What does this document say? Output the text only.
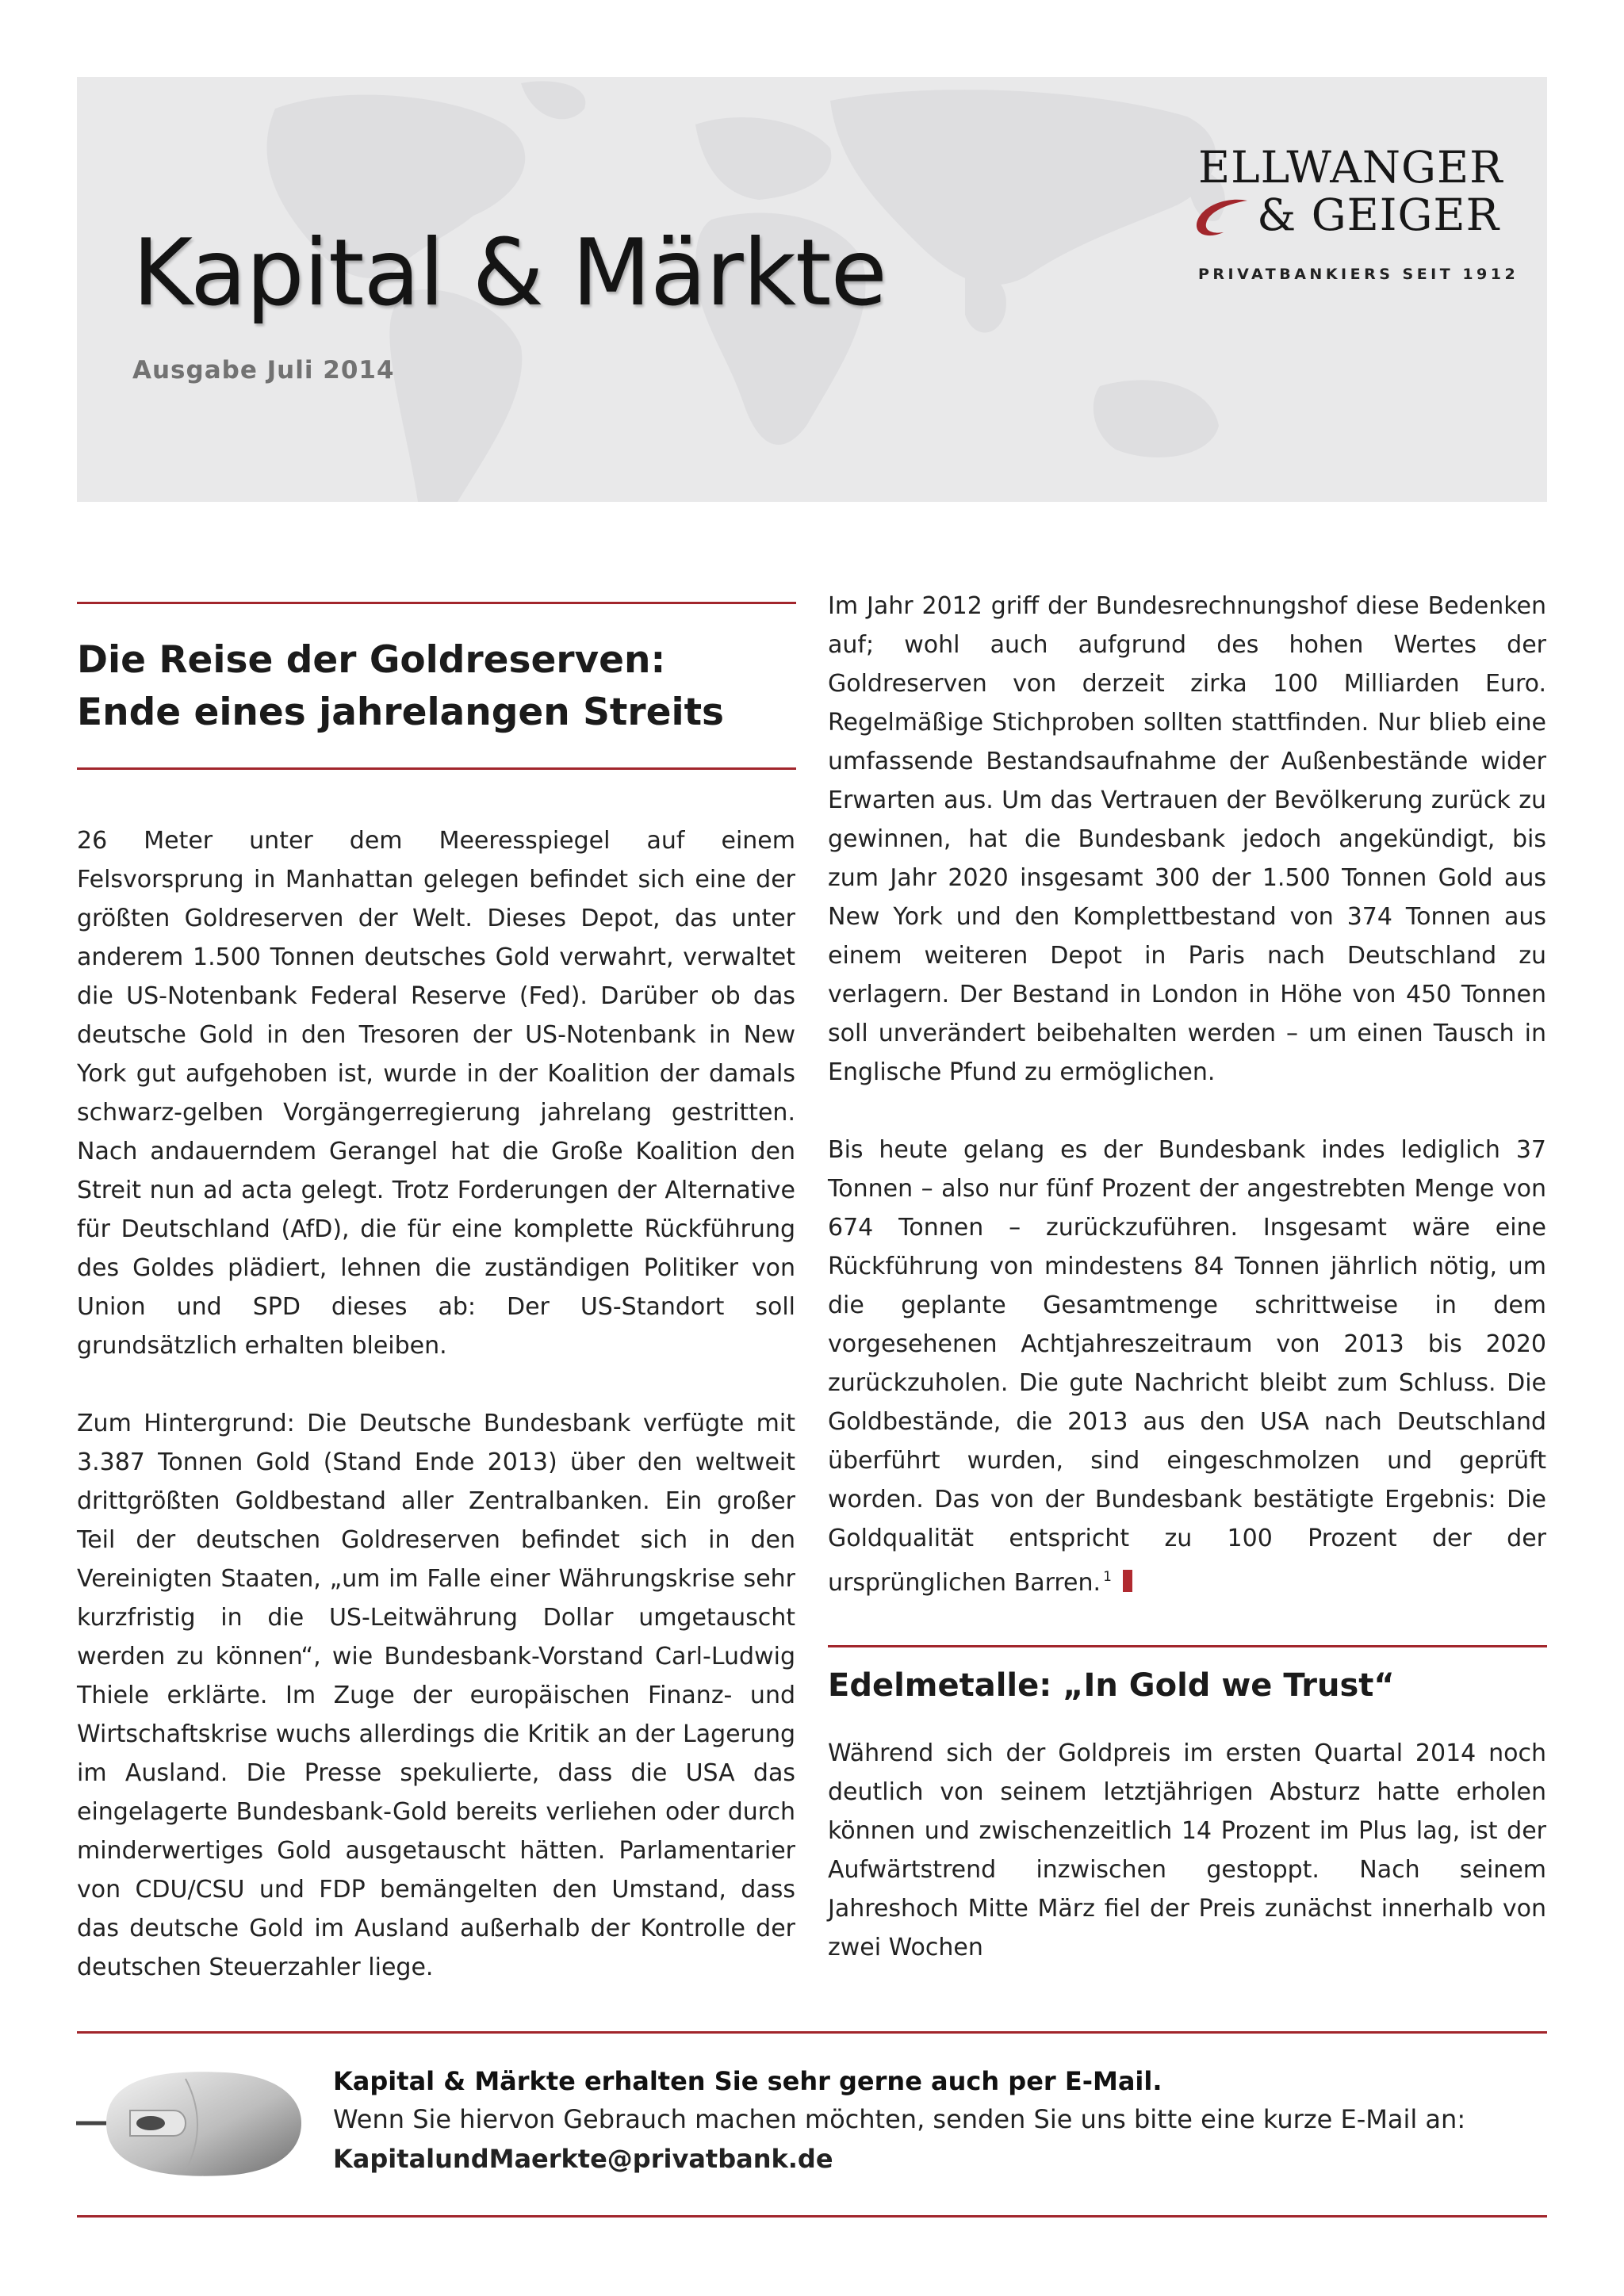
Kapital & Märkte
Ausgabe Juli 2014
ELLWANGER
& GEIGER
PRIVATBANKIERS SEIT 1912
Die Reise der Goldreserven:
Ende eines jahrelangen Streits

26 Meter unter dem Meeresspiegel auf einem Felsvorsprung in Manhattan gelegen befindet sich eine der größten Goldreserven der Welt. Dieses Depot, das unter anderem 1.500 Tonnen deutsches Gold verwahrt, verwaltet die US-Notenbank Federal Reserve (Fed). Darüber ob das deutsche Gold in den Tresoren der US-Notenbank in New York gut aufgehoben ist, wurde in der Koalition der damals schwarz-gelben Vorgängerregierung jahrelang gestritten. Nach andauerndem Gerangel hat die Große Koalition den Streit nun ad acta gelegt. Trotz Forderungen der Alternative für Deutschland (AfD), die für eine komplette Rückführung des Goldes plädiert, lehnen die zuständigen Politiker von Union und SPD dieses ab: Der US-Standort soll grundsätzlich erhalten bleiben.

Zum Hintergrund: Die Deutsche Bundesbank verfügte mit 3.387 Tonnen Gold (Stand Ende 2013) über den weltweit drittgrößten Goldbestand aller Zentralbanken. Ein großer Teil der deutschen Goldreserven befindet sich in den Vereinigten Staaten, „um im Falle einer Währungskrise sehr kurzfristig in die US-Leitwährung Dollar umgetauscht werden zu können“, wie Bundesbank-Vorstand Carl-Ludwig Thiele erklärte. Im Zuge der europäischen Finanz- und Wirtschaftskrise wuchs allerdings die Kritik an der Lagerung im Ausland. Die Presse spekulierte, dass die USA das eingelagerte Bundesbank-Gold bereits verliehen oder durch minderwertiges Gold ausgetauscht hätten. Parlamentarier von CDU/CSU und FDP bemängelten den Umstand, dass das deutsche Gold im Ausland außerhalb der Kontrolle der deutschen Steuerzahler liege.

Im Jahr 2012 griff der Bundesrechnungshof diese Bedenken auf; wohl auch aufgrund des hohen Wertes der Goldreserven von derzeit zirka 100 Milliarden Euro. Regelmäßige Stichproben sollten stattfinden. Nur blieb eine umfassende Bestandsaufnahme der Außenbestände wider Erwarten aus. Um das Vertrauen der Bevölkerung zurück zu gewinnen, hat die Bundesbank jedoch angekündigt, bis zum Jahr 2020 insgesamt 300 der 1.500 Tonnen Gold aus New York und den Komplettbestand von 374 Tonnen aus einem weiteren Depot in Paris nach Deutschland zu verlagern. Der Bestand in London in Höhe von 450 Tonnen soll unverändert beibehalten werden – um einen Tausch in Englische Pfund zu ermöglichen.

Bis heute gelang es der Bundesbank indes lediglich 37 Tonnen – also nur fünf Prozent der angestrebten Menge von 674 Tonnen – zurückzuführen. Insgesamt wäre eine Rückführung von mindestens 84 Tonnen jährlich nötig, um die geplante Gesamtmenge schrittweise in dem vorgesehenen Achtjahreszeitraum von 2013 bis 2020 zurückzuholen. Die gute Nachricht bleibt zum Schluss. Die Goldbestände, die 2013 aus den USA nach Deutschland überführt wurden, sind eingeschmolzen und geprüft worden. Das von der Bundesbank bestätigte Ergebnis: Die Goldqualität entspricht zu 100 Prozent der der ursprünglichen Barren. $^1$

Edelmetalle: „In Gold we Trust“

Während sich der Goldpreis im ersten Quartal 2014 noch deutlich von seinem letztjährigen Absturz hatte erholen können und zwischenzeitlich 14 Prozent im Plus lag, ist der Aufwärtstrend inzwischen gestoppt. Nach seinem Jahreshoch Mitte März fiel der Preis zunächst innerhalb von zwei Wochen

Kapital & Märkte erhalten Sie sehr gerne auch per E-Mail.
Wenn Sie hiervon Gebrauch machen möchten, senden Sie uns bitte eine kurze E-Mail an:
KapitalundMaerkte@privatbank.de
